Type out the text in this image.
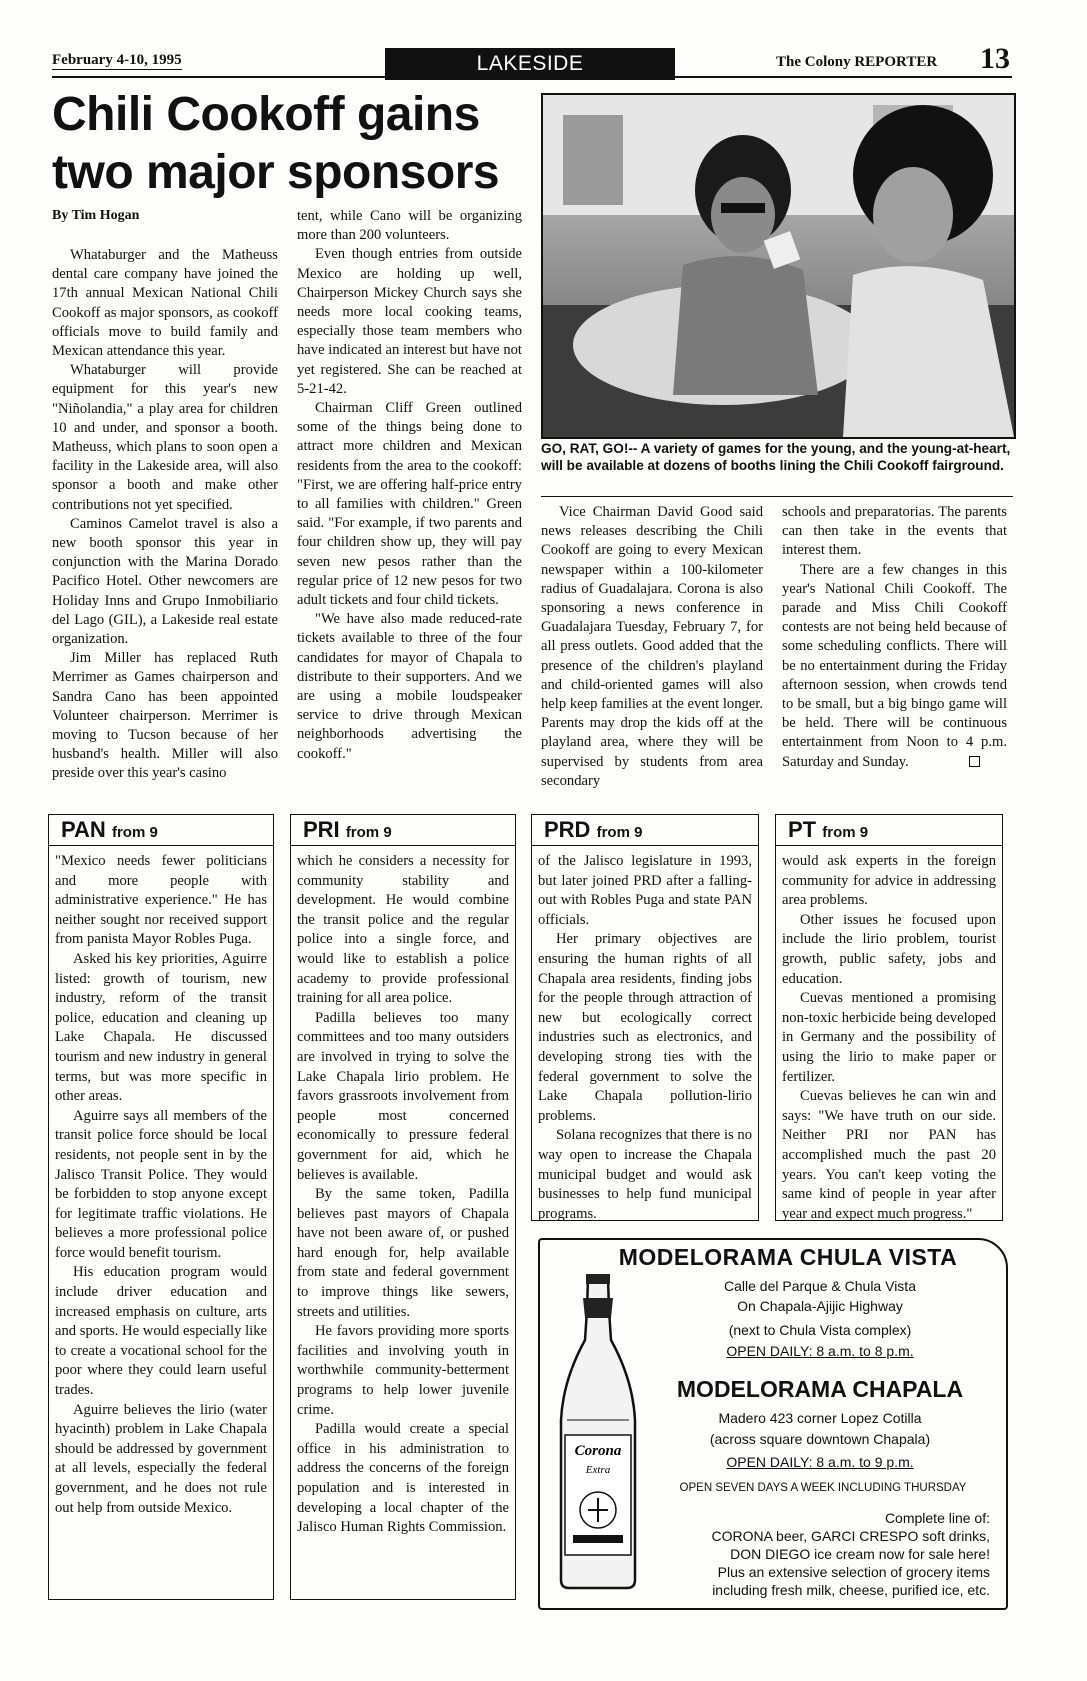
February 4-10, 1995	LAKESIDE	The Colony REPORTER 13
Chili Cookoff gains
two major sponsors
GO, RAT, GO!-- A variety of games for the young, and the young-at-heart, will be available at dozens of booths lining the Chili Cookoff fairground.
By Tim Hogan

Whataburger and the Matheuss dental care company have joined the 17th annual Mexican National Chili Cookoff as major sponsors, as cookoff officials move to build family and Mexican attendance this year.

Whataburger will provide equipment for this year's new "Niñolandia," a play area for children 10 and under, and sponsor a booth. Matheuss, which plans to soon open a facility in the Lakeside area, will also sponsor a booth and make other contributions not yet specified.

Caminos Camelot travel is also a new booth sponsor this year in conjunction with the Marina Dorado Pacifico Hotel. Other newcomers are Holiday Inns and Grupo Inmobiliario del Lago (GIL), a Lakeside real estate organization.

Jim Miller has replaced Ruth Merrimer as Games chairperson and Sandra Cano has been appointed Volunteer chairperson. Merrimer is moving to Tucson because of her husband's health. Miller will also preside over this year's casino

tent, while Cano will be organizing more than 200 volunteers.

Even though entries from outside Mexico are holding up well, Chairperson Mickey Church says she needs more local cooking teams, especially those team members who have indicated an interest but have not yet registered. She can be reached at 5-21-42.

Chairman Cliff Green outlined some of the things being done to attract more children and Mexican residents from the area to the cookoff: "First, we are offering half-price entry to all families with children." Green said. "For example, if two parents and four children show up, they will pay seven new pesos rather than the regular price of 12 new pesos for two adult tickets and four child tickets.

"We have also made reduced-rate tickets available to three of the four candidates for mayor of Chapala to distribute to their supporters. And we are using a mobile loudspeaker service to drive through Mexican neighborhoods advertising the cookoff."

Vice Chairman David Good said news releases describing the Chili Cookoff are going to every Mexican newspaper within a 100-kilometer radius of Guadalajara. Corona is also sponsoring a news conference in Guadalajara Tuesday, February 7, for all press outlets. Good added that the presence of the children's playland and child-oriented games will also help keep families at the event longer. Parents may drop the kids off at the playland area, where they will be supervised by students from area secondary

schools and preparatorias. The parents can then take in the events that interest them.

There are a few changes in this year's National Chili Cookoff. The parade and Miss Chili Cookoff contests are not being held because of some scheduling conflicts. There will be no entertainment during the Friday afternoon session, when crowds tend to be small, but a big bingo game will be held. There will be continuous entertainment from Noon to 4 p.m. Saturday and Sunday.

PAN from 9

"Mexico needs fewer politicians and more people with administrative experience." He has neither sought nor received support from panista Mayor Robles Puga.

Asked his key priorities, Aguirre listed: growth of tourism, new industry, reform of the transit police, education and cleaning up Lake Chapala. He discussed tourism and new industry in general terms, but was more specific in other areas.

Aguirre says all members of the transit police force should be local residents, not people sent in by the Jalisco Transit Police. They would be forbidden to stop anyone except for legitimate traffic violations. He believes a more professional police force would benefit tourism.

His education program would include driver education and increased emphasis on culture, arts and sports. He would especially like to create a vocational school for the poor where they could learn useful trades.

Aguirre believes the lirio (water hyacinth) problem in Lake Chapala should be addressed by government at all levels, especially the federal government, and he does not rule out help from outside Mexico.

PRI from 9

which he considers a necessity for community stability and development. He would combine the transit police and the regular police into a single force, and would like to establish a police academy to provide professional training for all area police.

Padilla believes too many committees and too many outsiders are involved in trying to solve the Lake Chapala lirio problem. He favors grassroots involvement from people most concerned economically to pressure federal government for aid, which he believes is available.

By the same token, Padilla believes past mayors of Chapala have not been aware of, or pushed hard enough for, help available from state and federal government to improve things like sewers, streets and utilities.

He favors providing more sports facilities and involving youth in worthwhile community-betterment programs to help lower juvenile crime.

Padilla would create a special office in his administration to address the concerns of the foreign population and is interested in developing a local chapter of the Jalisco Human Rights Commission.

PRD from 9

of the Jalisco legislature in 1993, but later joined PRD after a falling-out with Robles Puga and state PAN officials.

Her primary objectives are ensuring the human rights of all Chapala area residents, finding jobs for the people through attraction of new but ecologically correct industries such as electronics, and developing strong ties with the federal government to solve the Lake Chapala pollution-lirio problems.

Solana recognizes that there is no way open to increase the Chapala municipal budget and would ask businesses to help fund municipal programs.

PT from 9

would ask experts in the foreign community for advice in addressing area problems.

Other issues he focused upon include the lirio problem, tourist growth, public safety, jobs and education.

Cuevas mentioned a promising non-toxic herbicide being developed in Germany and the possibility of using the lirio to make paper or fertilizer.

Cuevas believes he can win and says: "We have truth on our side. Neither PRI nor PAN has accomplished much the past 20 years. You can't keep voting the same kind of people in year after year and expect much progress."

MODELORAMA CHULA VISTA
Corona
Extra
Calle del Parque & Chula Vista
On Chapala-Ajijic Highway
(next to Chula Vista complex)
OPEN DAILY: 8 a.m. to 8 p.m.
MODELORAMA CHAPALA
Madero 423 corner Lopez Cotilla
(across square downtown Chapala)
OPEN DAILY: 8 a.m. to 9 p.m.
OPEN SEVEN DAYS A WEEK INCLUDING THURSDAY
Complete line of:
CORONA beer, GARCI CRESPO soft drinks,
DON DIEGO ice cream now for sale here!
Plus an extensive selection of grocery items
including fresh milk, cheese, purified ice, etc.
